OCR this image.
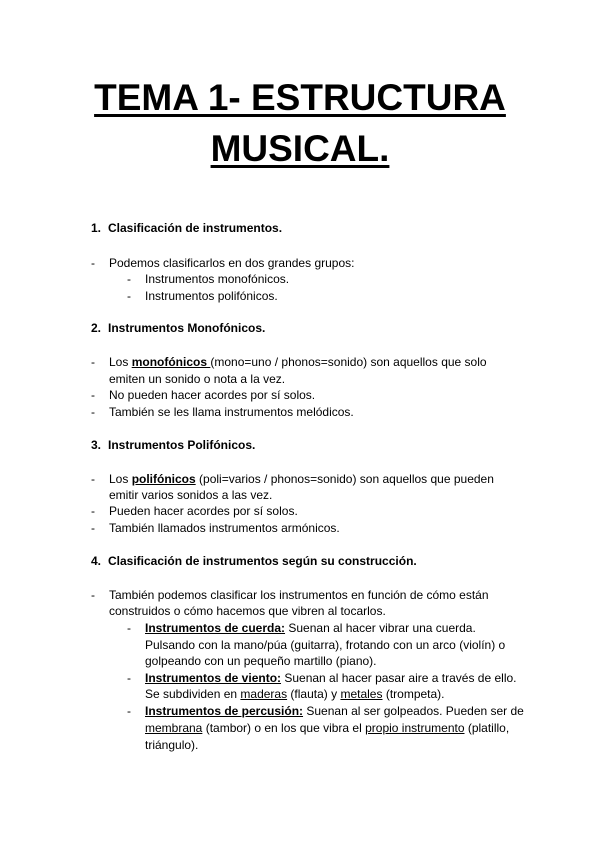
TEMA 1- ESTRUCTURA
MUSICAL.
1. Clasificación de instrumentos.
- Podemos clasificarlos en dos grandes grupos:
- Instrumentos monofónicos.
- Instrumentos polifónicos.
2. Instrumentos Monofónicos.
- Los monofónicos (mono=uno / phonos=sonido) son aquellos que solo
emiten un sonido o nota a la vez.
- No pueden hacer acordes por sí solos.
- También se les llama instrumentos melódicos.
3. Instrumentos Polifónicos.
- Los polifónicos (poli=varios / phonos=sonido) son aquellos que pueden
emitir varios sonidos a las vez.
- Pueden hacer acordes por sí solos.
- También llamados instrumentos armónicos.
4. Clasificación de instrumentos según su construcción.
- También podemos clasificar los instrumentos en función de cómo están
construidos o cómo hacemos que vibren al tocarlos.
- Instrumentos de cuerda: Suenan al hacer vibrar una cuerda.
Pulsando con la mano/púa (guitarra), frotando con un arco (violín) o
golpeando con un pequeño martillo (piano).
- Instrumentos de viento: Suenan al hacer pasar aire a través de ello.
Se subdividen en maderas (flauta) y metales (trompeta).
- Instrumentos de percusión: Suenan al ser golpeados. Pueden ser de
membrana (tambor) o en los que vibra el propio instrumento (platillo,
triángulo).
